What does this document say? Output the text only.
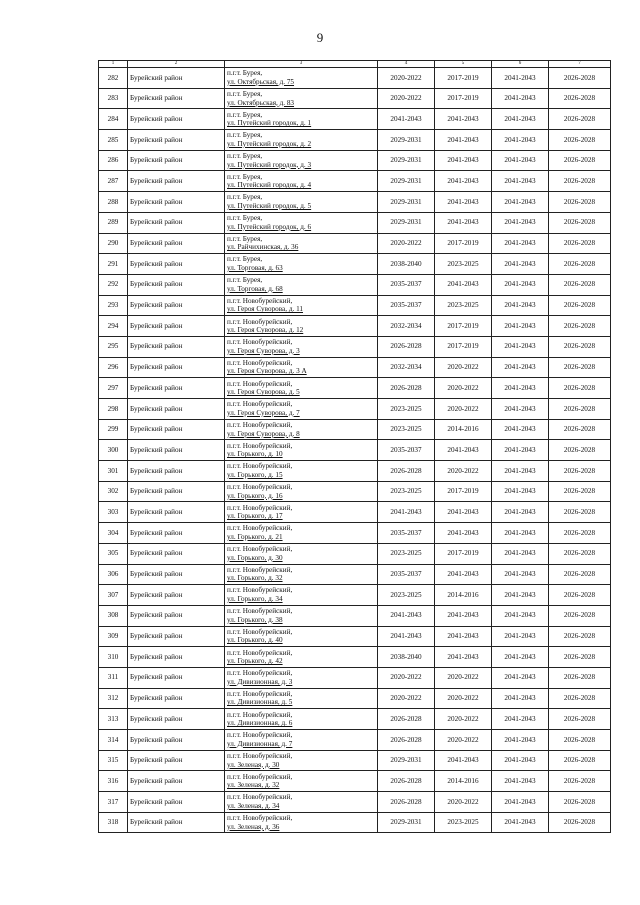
9
1	2	3	4	5	6	7
282	Бурейский район	п.г.т. Бурея,
ул. Октябрьская, д. 75	2020-2022	2017-2019	2041-2043	2026-2028
283	Бурейский район	п.г.т. Бурея,
ул. Октябрьская, д. 83	2020-2022	2017-2019	2041-2043	2026-2028
284	Бурейский район	п.г.т. Бурея,
ул. Путейский городок, д. 1	2041-2043	2041-2043	2041-2043	2026-2028
285	Бурейский район	п.г.т. Бурея,
ул. Путейский городок, д. 2	2029-2031	2041-2043	2041-2043	2026-2028
286	Бурейский район	п.г.т. Бурея,
ул. Путейский городок, д. 3	2029-2031	2041-2043	2041-2043	2026-2028
287	Бурейский район	п.г.т. Бурея,
ул. Путейский городок, д. 4	2029-2031	2041-2043	2041-2043	2026-2028
288	Бурейский район	п.г.т. Бурея,
ул. Путейский городок, д. 5	2029-2031	2041-2043	2041-2043	2026-2028
289	Бурейский район	п.г.т. Бурея,
ул. Путейский городок, д. 6	2029-2031	2041-2043	2041-2043	2026-2028
290	Бурейский район	п.г.т. Бурея,
ул. Райчихинская, д. 36	2020-2022	2017-2019	2041-2043	2026-2028
291	Бурейский район	п.г.т. Бурея,
ул. Торговая, д. 63	2038-2040	2023-2025	2041-2043	2026-2028
292	Бурейский район	п.г.т. Бурея,
ул. Торговая, д. 68	2035-2037	2041-2043	2041-2043	2026-2028
293	Бурейский район	п.г.т. Новобурейский,
ул. Героя Суворова, д. 11	2035-2037	2023-2025	2041-2043	2026-2028
294	Бурейский район	п.г.т. Новобурейский,
ул. Героя Суворова, д. 12	2032-2034	2017-2019	2041-2043	2026-2028
295	Бурейский район	п.г.т. Новобурейский,
ул. Героя Суворова, д. 3	2026-2028	2017-2019	2041-2043	2026-2028
296	Бурейский район	п.г.т. Новобурейский,
ул. Героя Суворова, д. 3 А	2032-2034	2020-2022	2041-2043	2026-2028
297	Бурейский район	п.г.т. Новобурейский,
ул. Героя Суворова, д. 5	2026-2028	2020-2022	2041-2043	2026-2028
298	Бурейский район	п.г.т. Новобурейский,
ул. Героя Суворова, д. 7	2023-2025	2020-2022	2041-2043	2026-2028
299	Бурейский район	п.г.т. Новобурейский,
ул. Героя Суворова, д. 8	2023-2025	2014-2016	2041-2043	2026-2028
300	Бурейский район	п.г.т. Новобурейский,
ул. Горького, д. 10	2035-2037	2041-2043	2041-2043	2026-2028
301	Бурейский район	п.г.т. Новобурейский,
ул. Горького, д. 15	2026-2028	2020-2022	2041-2043	2026-2028
302	Бурейский район	п.г.т. Новобурейский,
ул. Горького, д. 16	2023-2025	2017-2019	2041-2043	2026-2028
303	Бурейский район	п.г.т. Новобурейский,
ул. Горького, д. 17	2041-2043	2041-2043	2041-2043	2026-2028
304	Бурейский район	п.г.т. Новобурейский,
ул. Горького, д. 21	2035-2037	2041-2043	2041-2043	2026-2028
305	Бурейский район	п.г.т. Новобурейский,
ул. Горького, д. 30	2023-2025	2017-2019	2041-2043	2026-2028
306	Бурейский район	п.г.т. Новобурейский,
ул. Горького, д. 32	2035-2037	2041-2043	2041-2043	2026-2028
307	Бурейский район	п.г.т. Новобурейский,
ул. Горького, д. 34	2023-2025	2014-2016	2041-2043	2026-2028
308	Бурейский район	п.г.т. Новобурейский,
ул. Горького, д. 38	2041-2043	2041-2043	2041-2043	2026-2028
309	Бурейский район	п.г.т. Новобурейский,
ул. Горького, д. 40	2041-2043	2041-2043	2041-2043	2026-2028
310	Бурейский район	п.г.т. Новобурейский,
ул. Горького, д. 42	2038-2040	2041-2043	2041-2043	2026-2028
311	Бурейский район	п.г.т. Новобурейский,
ул. Дивизионная, д. 3	2020-2022	2020-2022	2041-2043	2026-2028
312	Бурейский район	п.г.т. Новобурейский,
ул. Дивизионная, д. 5	2020-2022	2020-2022	2041-2043	2026-2028
313	Бурейский район	п.г.т. Новобурейский,
ул. Дивизионная, д. 6	2026-2028	2020-2022	2041-2043	2026-2028
314	Бурейский район	п.г.т. Новобурейский,
ул. Дивизионная, д. 7	2026-2028	2020-2022	2041-2043	2026-2028
315	Бурейский район	п.г.т. Новобурейский,
ул. Зеленая, д. 30	2029-2031	2041-2043	2041-2043	2026-2028
316	Бурейский район	п.г.т. Новобурейский,
ул. Зеленая, д. 32	2026-2028	2014-2016	2041-2043	2026-2028
317	Бурейский район	п.г.т. Новобурейский,
ул. Зеленая, д. 34	2026-2028	2020-2022	2041-2043	2026-2028
318	Бурейский район	п.г.т. Новобурейский,
ул. Зеленая, д. 36	2029-2031	2023-2025	2041-2043	2026-2028
